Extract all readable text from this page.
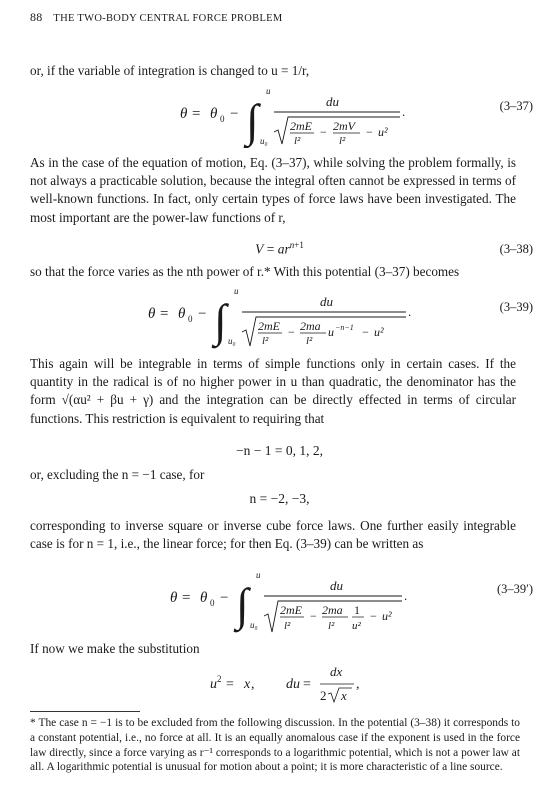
88 THE TWO-BODY CENTRAL FORCE PROBLEM
or, if the variable of integration is changed to u = 1/r,
θ = θ 0 − ∫
u
u₀
du
2mE
l²
− 2mV
l²
− u²
.	(3–37)
As in the case of the equation of motion, Eq. (3–37), while solving the problem formally, is not always a practicable solution, because the integral often cannot be expressed in terms of well-known functions. In fact, only certain types of force laws have been investigated. The most important are the power-law functions of r,
$V = ar^{n+1}$	(3–38)
so that the force varies as the nth power of r.* With this potential (3–37) becomes
θ = θ 0 − ∫
u
u₀
du
2mE
l²
− 2ma
l²
u −n−1 − u²
.	(3–39)
This again will be integrable in terms of simple functions only in certain cases. If the quantity in the radical is of no higher power in u than quadratic, the denominator has the form √(αu² + βu + γ) and the integration can be directly effected in terms of circular functions. This restriction is equivalent to requiring that
−n − 1 = 0, 1, 2,
or, excluding the n = −1 case, for
n = −2, −3,
corresponding to inverse square or inverse cube force laws. One further easily integrable case is for n = 1, i.e., the linear force; for then Eq. (3–39) can be written as
θ = θ 0 − ∫
u
u₀
du
2mE
l²
− 2ma
l²
1
u²
− u²
.	(3–39′)
If now we make the substitution
u 2 = x , du =
dx
2 x
,
* The case n = −1 is to be excluded from the following discussion. In the potential (3–38) it corresponds to a constant potential, i.e., no force at all. It is an equally anomalous case if the exponent is used in the force law directly, since a force varying as r⁻¹ corresponds to a logarithmic potential, which is not a power law at all. A logarithmic potential is unusual for motion about a point; it is more characteristic of a line source.
